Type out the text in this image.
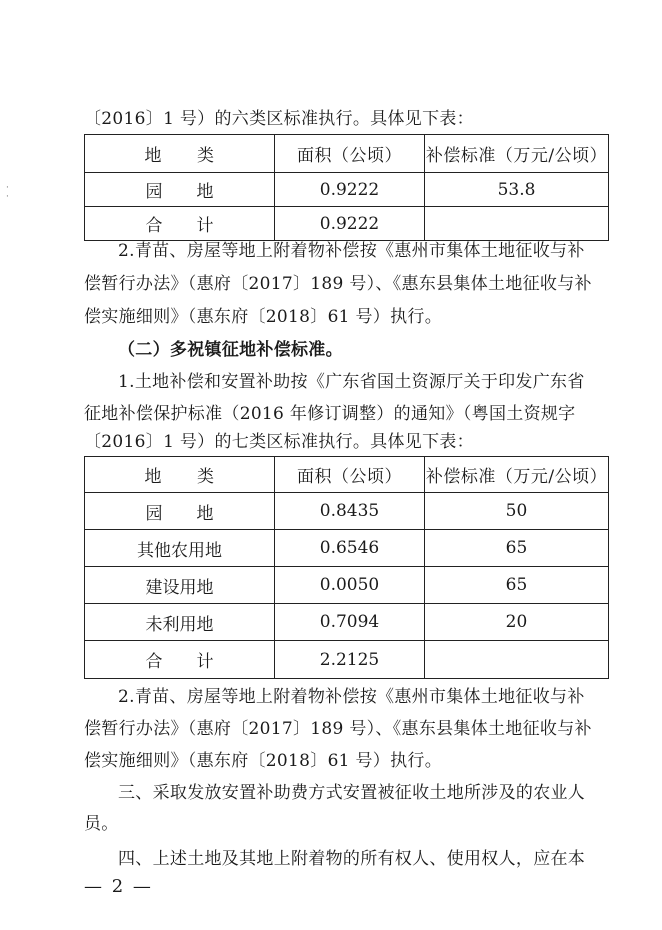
·
·
〔2016〕1 号）的六类区标准执行。具体见下表：
地　　类	面积（公顷）	补偿标准（万元/公顷）
园　　地	0.9222	53.8
合　　计	0.9222	
2.青苗、房屋等地上附着物补偿按《惠州市集体土地征收与补
偿暂行办法》（惠府〔2017〕189 号）、《惠东县集体土地征收与补
偿实施细则》（惠东府〔2018〕61 号）执行。
（二）多祝镇征地补偿标准。
1.土地补偿和安置补助按《广东省国土资源厅关于印发广东省
征地补偿保护标准（2016 年修订调整）的通知》（粤国土资规字
〔2016〕1 号）的七类区标准执行。具体见下表：
地　　类	面积（公顷）	补偿标准（万元/公顷）
园　　地	0.8435	50
其他农用地	0.6546	65
建设用地	0.0050	65
未利用地	0.7094	20
合　　计	2.2125	
2.青苗、房屋等地上附着物补偿按《惠州市集体土地征收与补
偿暂行办法》（惠府〔2017〕189 号）、《惠东县集体土地征收与补
偿实施细则》（惠东府〔2018〕61 号）执行。
三、采取发放安置补助费方式安置被征收土地所涉及的农业人
员。
四、上述土地及其地上附着物的所有权人、使用权人，应在本
— 2 —
